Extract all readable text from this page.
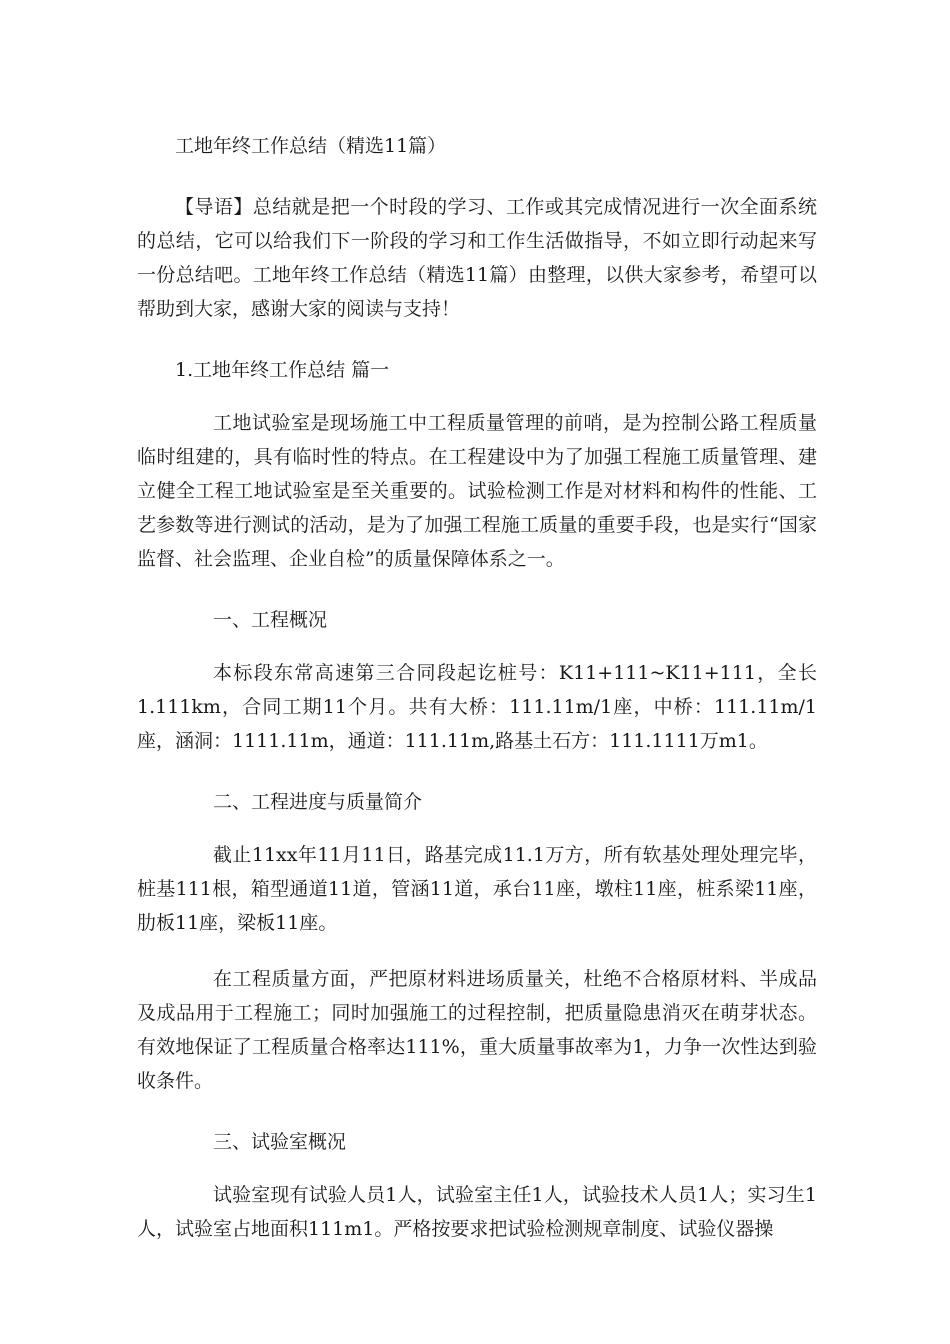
工地年终工作总结（精选11篇）

【导语】总结就是把一个时段的学习、工作或其完成情况进行一次全面系统的总结，它可以给我们下一阶段的学习和工作生活做指导，不如立即行动起来写一份总结吧。工地年终工作总结（精选11篇）由整理，以供大家参考，希望可以帮助到大家，感谢大家的阅读与支持！

1.工地年终工作总结 篇一

工地试验室是现场施工中工程质量管理的前哨，是为控制公路工程质量临时组建的，具有临时性的特点。在工程建设中为了加强工程施工质量管理、建立健全工程工地试验室是至关重要的。试验检测工作是对材料和构件的性能、工艺参数等进行测试的活动，是为了加强工程施工质量的重要手段，也是实行“国家监督、社会监理、企业自检”的质量保障体系之一。

一、工程概况

本标段东常高速第三合同段起讫桩号：K11+111~K11+111，全长1.111km，合同工期11个月。共有大桥：111.11m/1座，中桥：111.11m/1座，涵洞：1111.11m，通道：111.11m,路基土石方：111.1111万m1。

二、工程进度与质量简介

截止11xx年11月11日，路基完成11.1万方，所有软基处理处理完毕，桩基111根，箱型通道11道，管涵11道，承台11座，墩柱11座，桩系梁11座，肋板11座，梁板11座。

在工程质量方面，严把原材料进场质量关，杜绝不合格原材料、半成品及成品用于工程施工；同时加强施工的过程控制，把质量隐患消灭在萌芽状态。有效地保证了工程质量合格率达111%，重大质量事故率为1，力争一次性达到验收条件。

三、试验室概况

试验室现有试验人员1人，试验室主任1人，试验技术人员1人；实习生1人，试验室占地面积111m1。严格按要求把试验检测规章制度、试验仪器操
